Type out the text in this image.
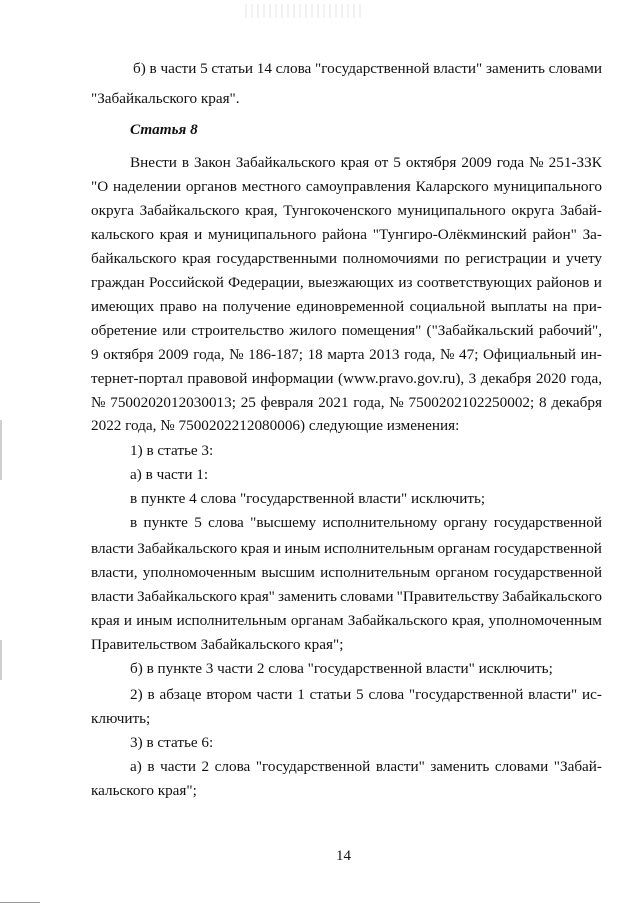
б) в части 5 статьи 14 слова "государственной власти" заменить словами
"Забайкальского края".
Статья 8
Внести в Закон Забайкальского края от 5 октября 2009 года № 251-ЗЗК
"О наделении органов местного самоуправления Каларского муниципального
округа Забайкальского края, Тунгокоченского муниципального округа Забай-
кальского края и муниципального района "Тунгиро-Олёкминский район" За-
байкальского края государственными полномочиями по регистрации и учету
граждан Российской Федерации, выезжающих из соответствующих районов и
имеющих право на получение единовременной социальной выплаты на при-
обретение или строительство жилого помещения" ("Забайкальский рабочий",
9 октября 2009 года, № 186-187; 18 марта 2013 года, № 47; Официальный ин-
тернет-портал правовой информации (www.pravo.gov.ru), 3 декабря 2020 года,
№ 7500202012030013; 25 февраля 2021 года, № 7500202102250002; 8 декабря
2022 года, № 7500202212080006) следующие изменения:
1) в статье 3:
а) в части 1:
в пункте 4 слова "государственной власти" исключить;
в пункте 5 слова "высшему исполнительному органу государственной
власти Забайкальского края и иным исполнительным органам государственной
власти, уполномоченным высшим исполнительным органом государственной
власти Забайкальского края" заменить словами "Правительству Забайкальского
края и иным исполнительным органам Забайкальского края, уполномоченным
Правительством Забайкальского края";
б) в пункте 3 части 2 слова "государственной власти" исключить;
2) в абзаце втором части 1 статьи 5 слова "государственной власти" ис-
ключить;
3) в статье 6:
а) в части 2 слова "государственной власти" заменить словами "Забай-
кальского края";
14
